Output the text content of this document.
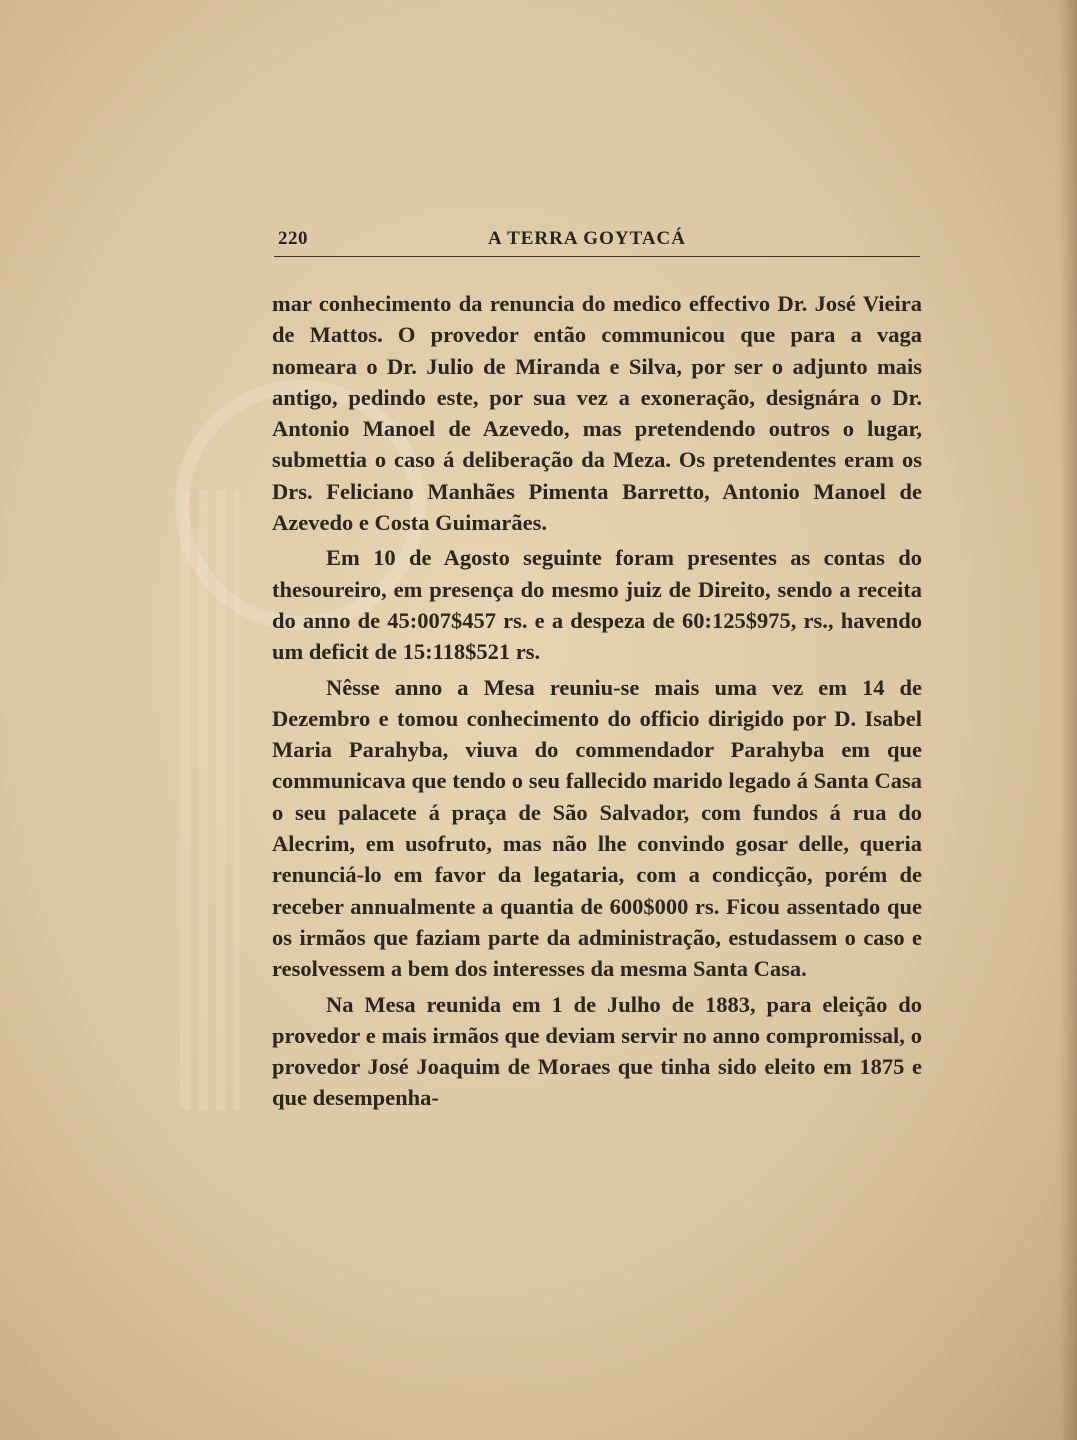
220	A TERRA GOYTACÁ

mar conhecimento da renuncia do medico effectivo Dr. José Vieira de Mattos. O provedor então communicou que para a vaga nomeara o Dr. Julio de Miranda e Silva, por ser o adjunto mais antigo, pedindo este, por sua vez a exoneração, designára o Dr. Antonio Manoel de Azevedo, mas pretendendo outros o lugar, submettia o caso á deliberação da Meza. Os pretendentes eram os Drs. Feliciano Manhães Pimenta Barretto, Antonio Manoel de Azevedo e Costa Guimarães.

Em 10 de Agosto seguinte foram presentes as contas do thesoureiro, em presença do mesmo juiz de Direito, sendo a receita do anno de 45:007$457 rs. e a despeza de 60:125$975, rs., havendo um deficit de 15:118$521 rs.

Nêsse anno a Mesa reuniu-se mais uma vez em 14 de Dezembro e tomou conhecimento do officio dirigido por D. Isabel Maria Parahyba, viuva do commendador Parahyba em que communicava que tendo o seu fallecido marido legado á Santa Casa o seu palacete á praça de São Salvador, com fundos á rua do Alecrim, em usofruto, mas não lhe convindo gosar delle, queria renunciá-lo em favor da legataria, com a condicção, porém de receber annualmente a quantia de 600$000 rs. Ficou assentado que os irmãos que faziam parte da administração, estudassem o caso e resolvessem a bem dos interesses da mesma Santa Casa.

Na Mesa reunida em 1 de Julho de 1883, para eleição do provedor e mais irmãos que deviam servir no anno compromissal, o provedor José Joaquim de Moraes que tinha sido eleito em 1875 e que desempenha-
